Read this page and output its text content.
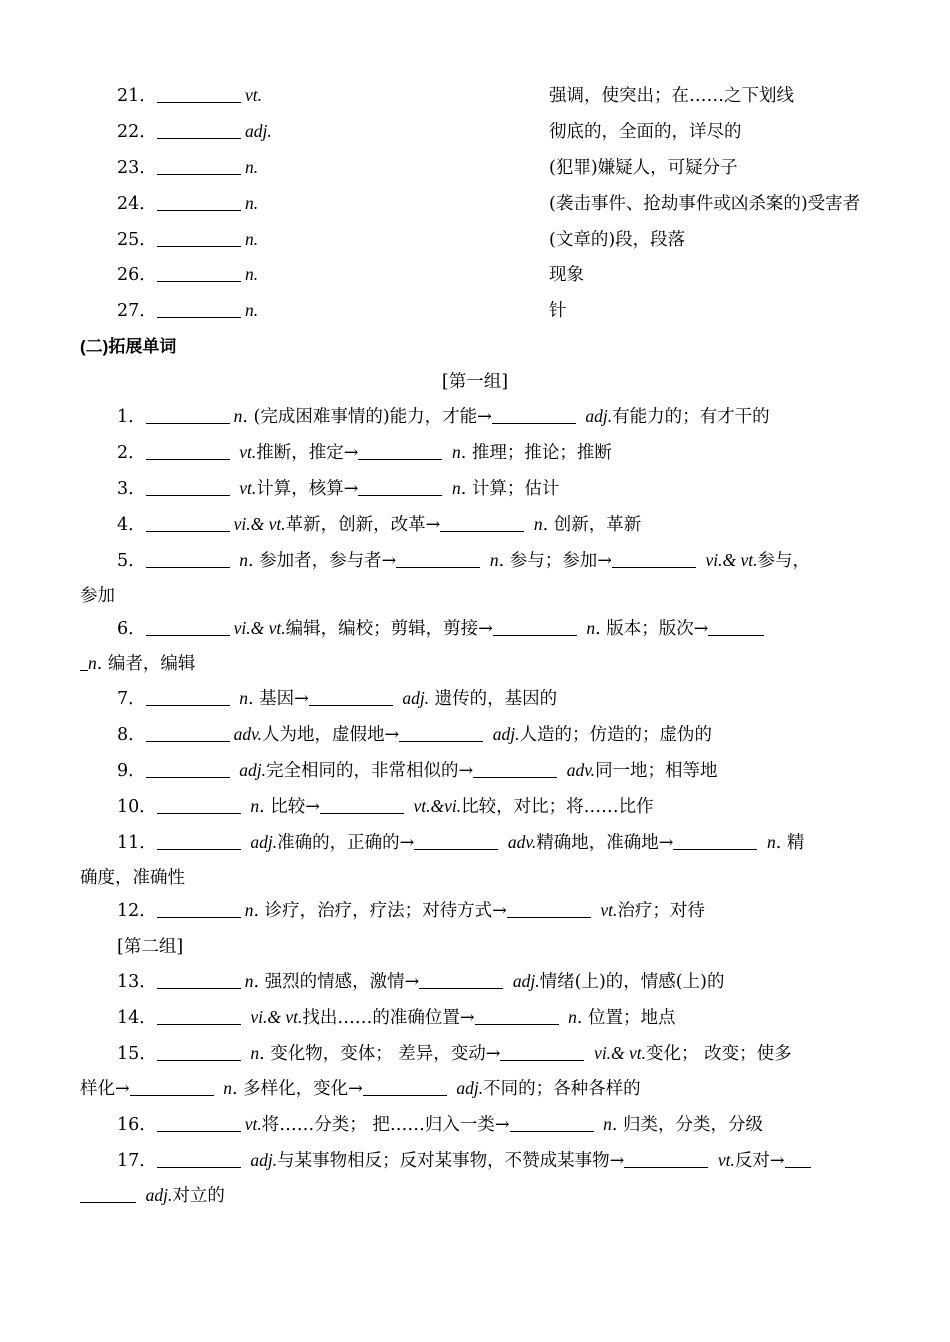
21．	vt.	强调，使突出；在……之下划线
22．	adj.	彻底的，全面的，详尽的
23．	n.	(犯罪)嫌疑人，可疑分子
24．	n.	(袭击事件、抢劫事件或凶杀案的)受害者
25．	n.	(文章的)段，段落
26．	n.	现象
27．	n.	针
(二)拓展单词
[第一组]
1．	n. (完成困难事情的)能力，才能→	adj.有能力的；有才干的
2．	vt.推断，推定→	n. 推理；推论；推断
3．	vt.计算，核算→	n. 计算；估计
4．	vi.& vt.革新，创新，改革→	n. 创新，革新
5．	n. 参加者，参与者→	n. 参与；参加→	vi.& vt.参与，
参加
6．	vi.& vt.编辑，编校；剪辑，剪接→	n. 版本；版次→
n. 编者，编辑
7．	n. 基因→	adj. 遗传的，基因的
8．	adv.人为地，虚假地→	adj.人造的；仿造的；虚伪的
9．	adj.完全相同的，非常相似的→	adv.同一地；相等地
10．	n. 比较→	vt.&vi.比较，对比；将……比作
11．	adj.准确的，正确的→	adv.精确地，准确地→	n. 精
确度，准确性
12．	n. 诊疗，治疗，疗法；对待方式→	vt.治疗；对待
[第二组]
13．	n. 强烈的情感，激情→	adj.情绪(上)的，情感(上)的
14．	vi.& vt.找出……的准确位置→	n. 位置；地点
15．	n. 变化物，变体； 差异，变动→	vi.& vt.变化； 改变；使多
样化→	n. 多样化，变化→	adj.不同的；各种各样的
16．	vt.将……分类； 把……归入一类→	n. 归类，分类，分级
17．	adj.与某事物相反；反对某事物，不赞成某事物→	vt.反对→
adj.对立的
